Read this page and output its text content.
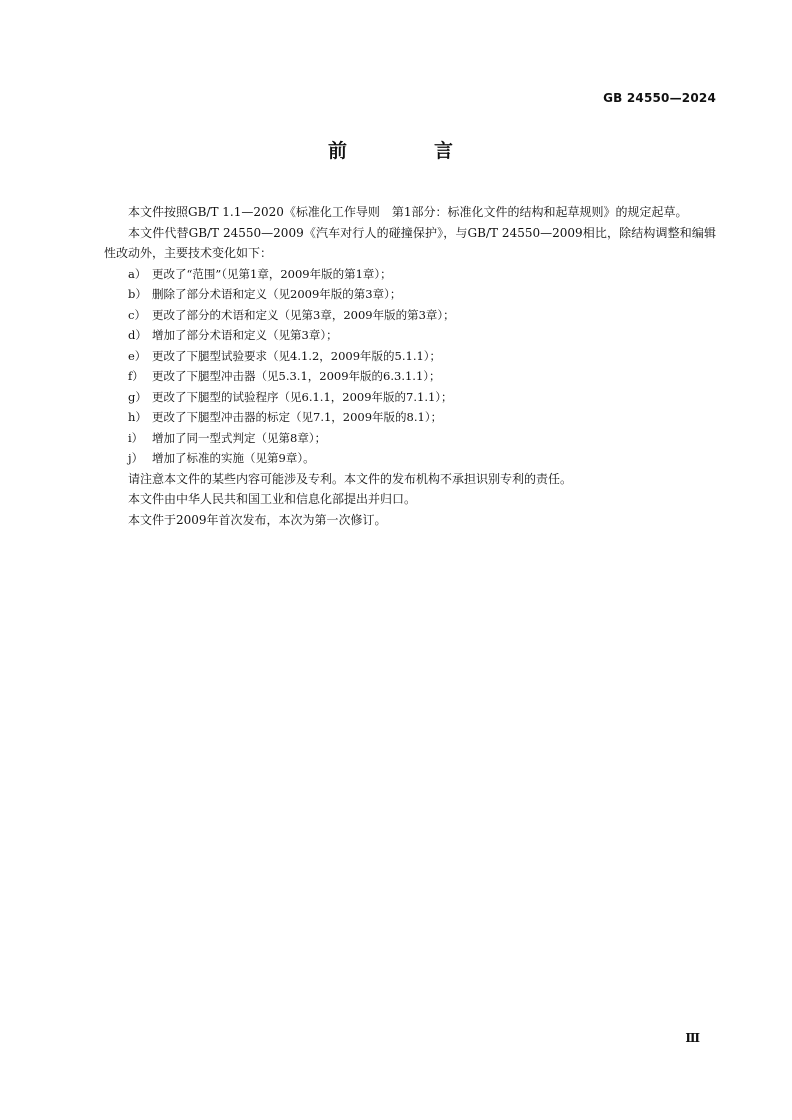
GB 24550—2024
前　言

本文件按照GB/T 1.1—2020《标准化工作导则　第1部分：标准化文件的结构和起草规则》的规定起草。

本文件代替GB/T 24550—2009《汽车对行人的碰撞保护》，与GB/T 24550—2009相比，除结构调整和编辑性改动外，主要技术变化如下：

a） 更改了“范围”（见第1章，2009年版的第1章）；
b） 删除了部分术语和定义（见2009年版的第3章）；
c） 更改了部分的术语和定义（见第3章，2009年版的第3章）；
d） 增加了部分术语和定义（见第3章）；
e） 更改了下腿型试验要求（见4.1.2，2009年版的5.1.1）；
f） 更改了下腿型冲击器（见5.3.1，2009年版的6.3.1.1）；
g） 更改了下腿型的试验程序（见6.1.1，2009年版的7.1.1）；
h） 更改了下腿型冲击器的标定（见7.1，2009年版的8.1）；
i） 增加了同一型式判定（见第8章）；
j） 增加了标准的实施（见第9章）。

请注意本文件的某些内容可能涉及专利。本文件的发布机构不承担识别专利的责任。

本文件由中华人民共和国工业和信息化部提出并归口。

本文件于2009年首次发布，本次为第一次修订。

Ⅲ
